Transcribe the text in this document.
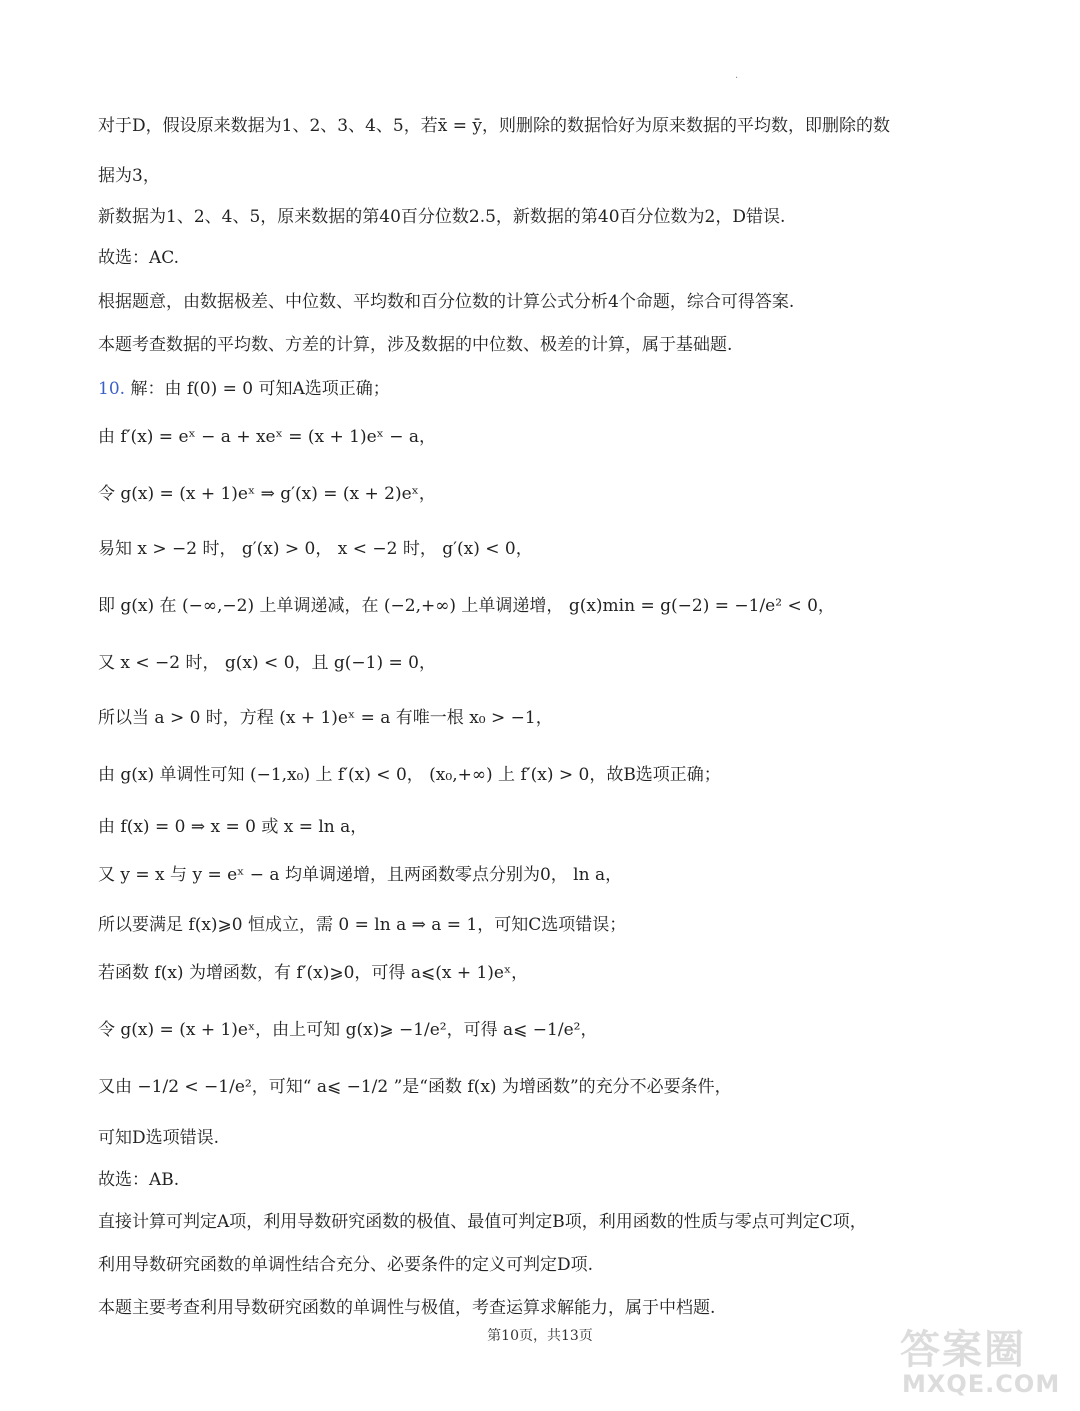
·
对于D，假设原来数据为1、2、3、4、5，若x̄ = ȳ，则删除的数据恰好为原来数据的平均数，即删除的数
据为3，
新数据为1、2、4、5，原来数据的第40百分位数2.5，新数据的第40百分位数为2，D错误.
故选：AC.
根据题意，由数据极差、中位数、平均数和百分位数的计算公式分析4个命题，综合可得答案.
本题考查数据的平均数、方差的计算，涉及数据的中位数、极差的计算，属于基础题.
10. 解：由 f(0) = 0 可知A选项正确；
由 f′(x) = eˣ − a + xeˣ = (x + 1)eˣ − a，
令 g(x) = (x + 1)eˣ ⇒ g′(x) = (x + 2)eˣ，
易知 x > −2 时， g′(x) > 0， x < −2 时， g′(x) < 0，
即 g(x) 在 (−∞,−2) 上单调递减，在 (−2,+∞) 上单调递增， g(x)min = g(−2) = −1/e² < 0，
又 x < −2 时， g(x) < 0，且 g(−1) = 0，
所以当 a > 0 时，方程 (x + 1)eˣ = a 有唯一根 x₀ > −1，
由 g(x) 单调性可知 (−1,x₀) 上 f′(x) < 0， (x₀,+∞) 上 f′(x) > 0，故B选项正确；
由 f(x) = 0 ⇒ x = 0 或 x = ln a，
又 y = x 与 y = eˣ − a 均单调递增，且两函数零点分别为0， ln a，
所以要满足 f(x)⩾0 恒成立，需 0 = ln a ⇒ a = 1，可知C选项错误；
若函数 f(x) 为增函数，有 f′(x)⩾0，可得 a⩽(x + 1)eˣ，
令 g(x) = (x + 1)eˣ，由上可知 g(x)⩾ −1/e²，可得 a⩽ −1/e²，
又由 −1/2 < −1/e²，可知“ a⩽ −1/2 ”是“函数 f(x) 为增函数”的充分不必要条件，
可知D选项错误.
故选：AB.
直接计算可判定A项，利用导数研究函数的极值、最值可判定B项，利用函数的性质与零点可判定C项，
利用导数研究函数的单调性结合充分、必要条件的定义可判定D项.
本题主要考查利用导数研究函数的单调性与极值，考查运算求解能力，属于中档题.
第10页，共13页	答案圈
MXQE.COM
